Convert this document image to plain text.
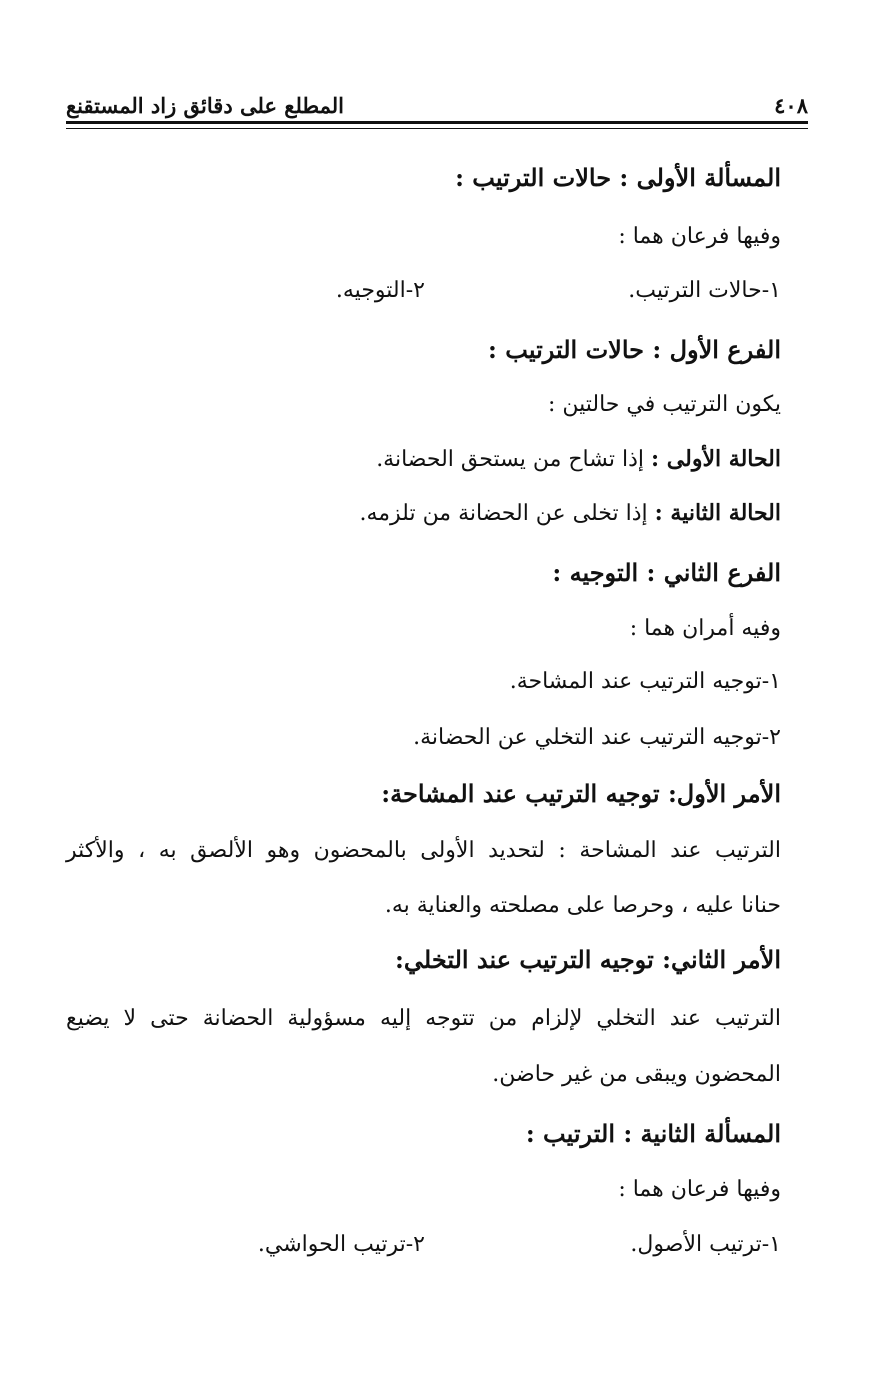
٤٠٨
المطلع على دقائق زاد المستقنع
المسألة الأولى : حالات الترتيب :
وفيها فرعان هما :
١-حالات الترتيب.
٢-التوجيه.
الفرع الأول : حالات الترتيب :
يكون الترتيب في حالتين :
الحالة الأولى : إذا تشاح من يستحق الحضانة.
الحالة الثانية : إذا تخلى عن الحضانة من تلزمه.
الفرع الثاني : التوجيه :
وفيه أمران هما :
١-توجيه الترتيب عند المشاحة.
٢-توجيه الترتيب عند التخلي عن الحضانة.
الأمر الأول: توجيه الترتيب عند المشاحة:
الترتيب عند المشاحة : لتحديد الأولى بالمحضون وهو الألصق به ، والأكثر
حنانا عليه ، وحرصا على مصلحته والعناية به.
الأمر الثاني: توجيه الترتيب عند التخلي:
الترتيب عند التخلي لإلزام من تتوجه إليه مسؤولية الحضانة حتى لا يضيع
المحضون ويبقى من غير حاضن.
المسألة الثانية : الترتيب :
وفيها فرعان هما :
١-ترتيب الأصول.
٢-ترتيب الحواشي.
